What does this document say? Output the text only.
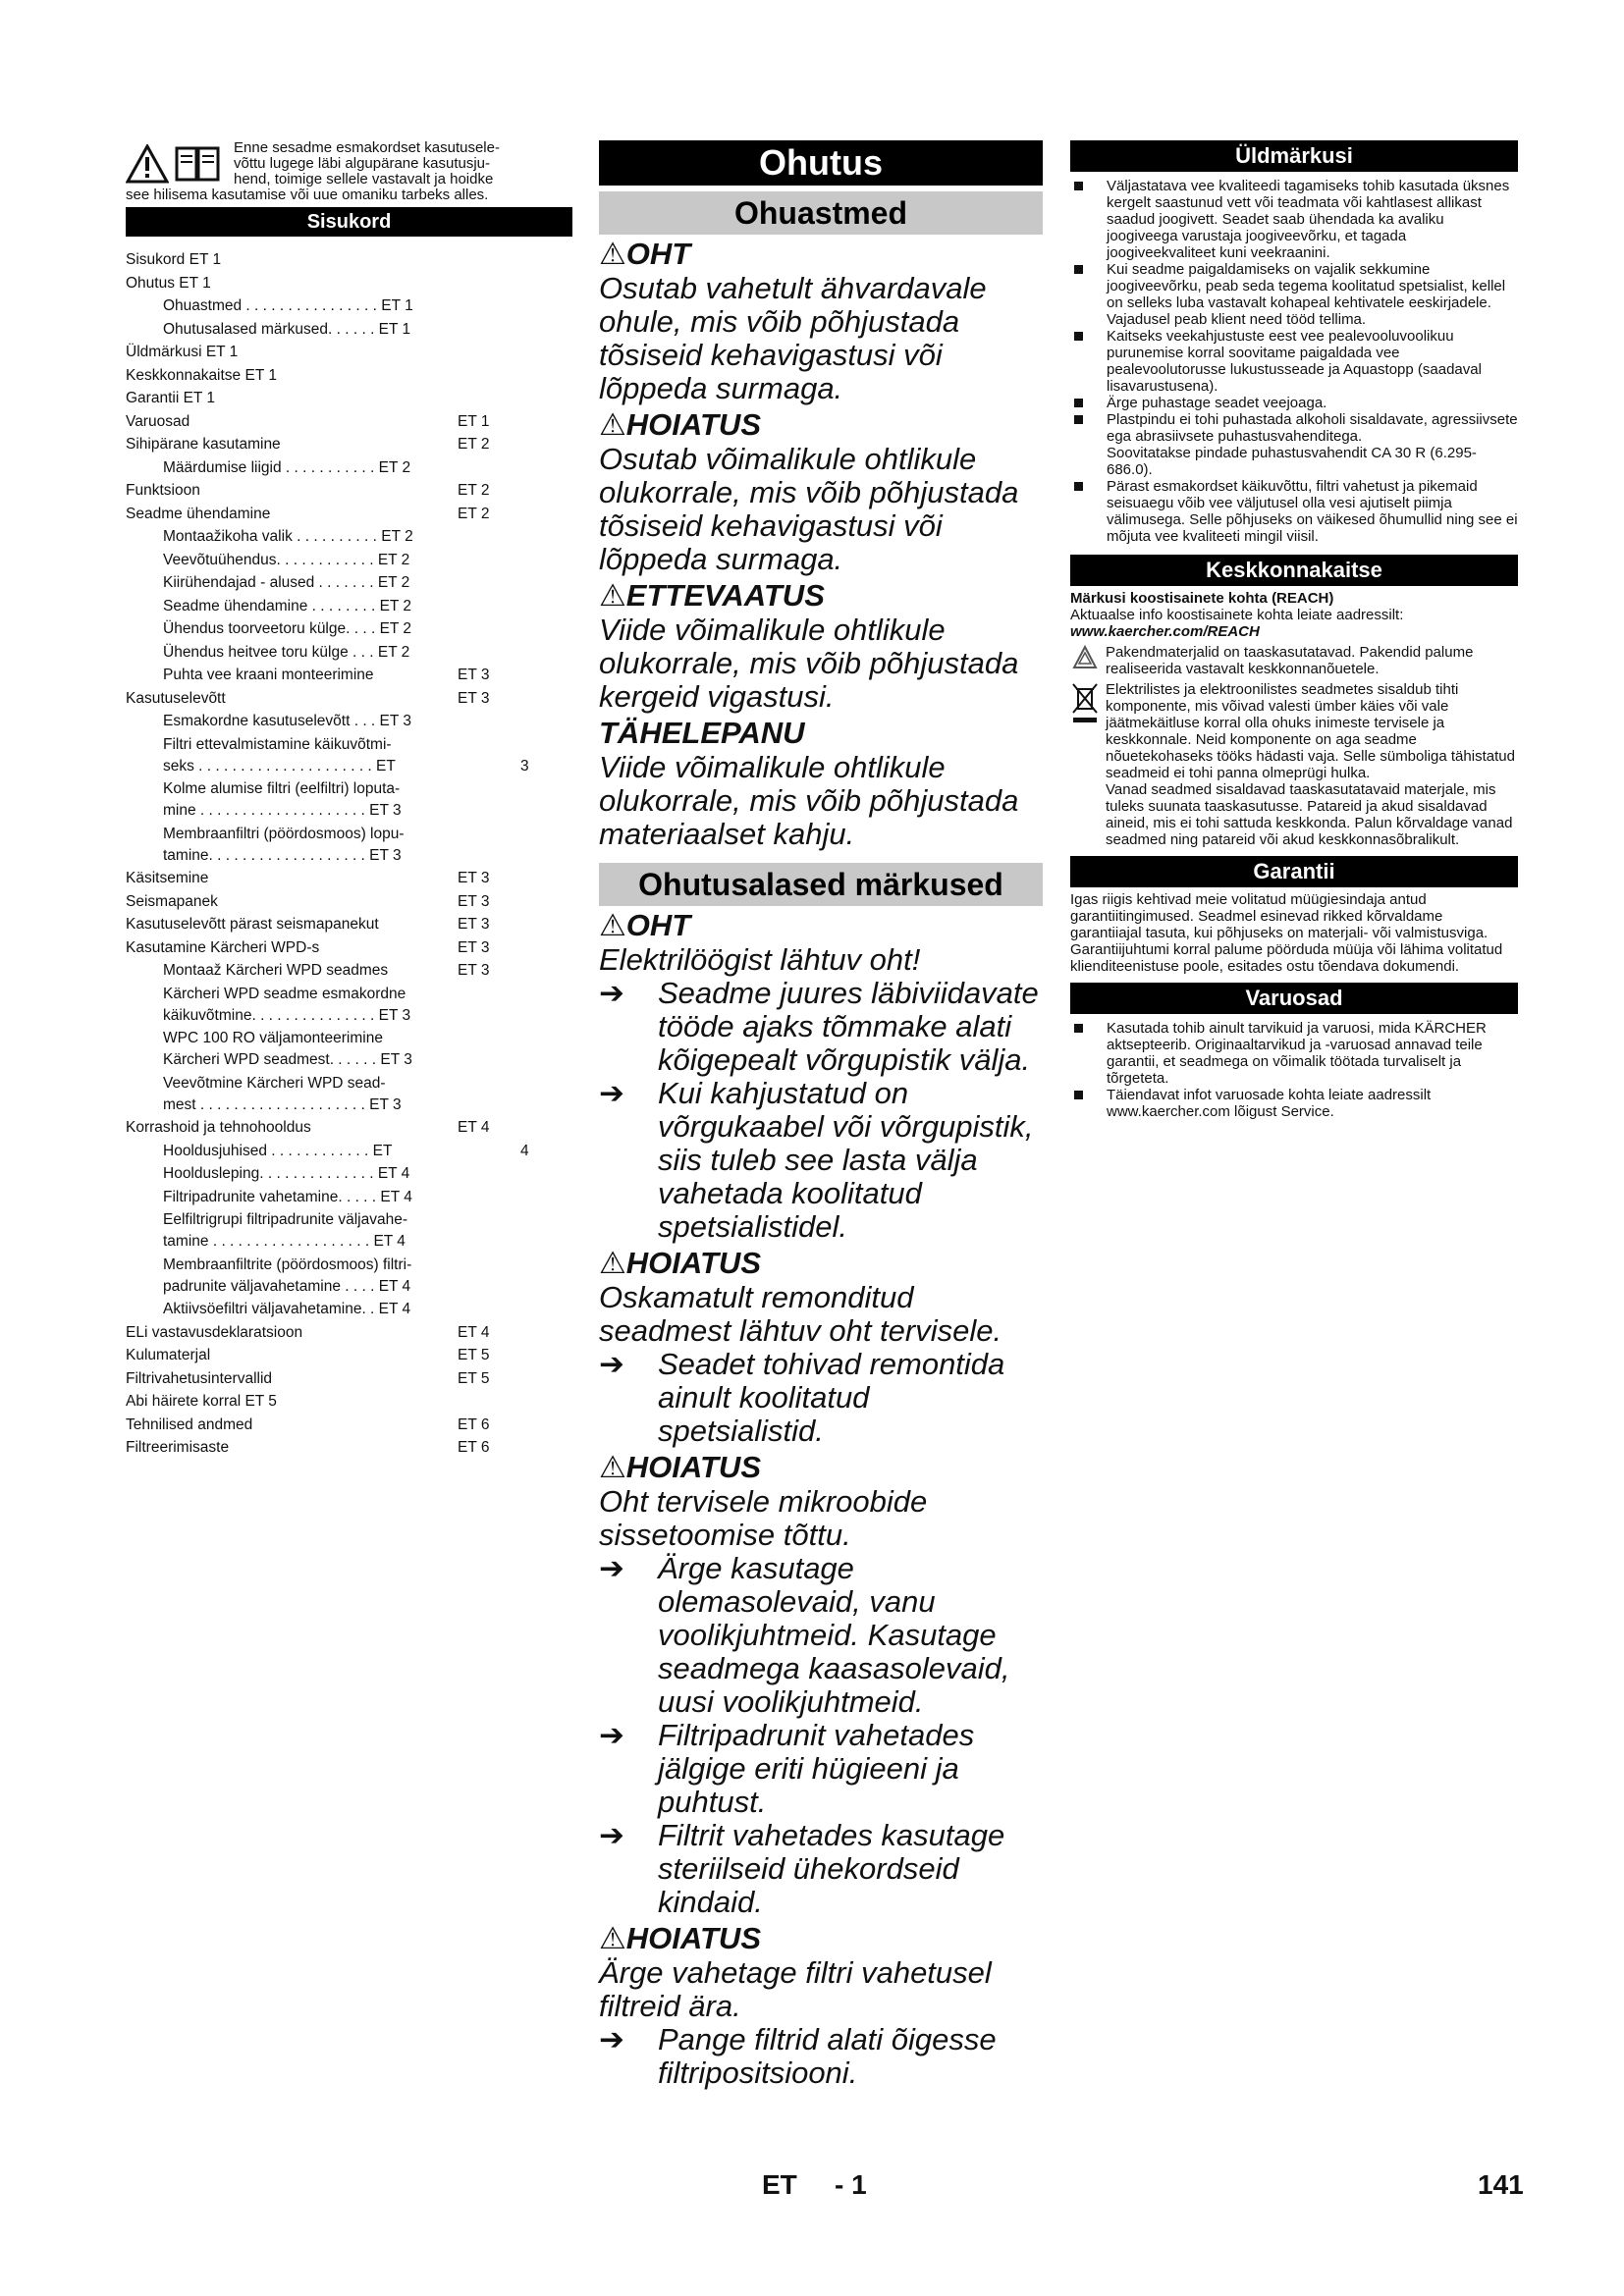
Enne sesadme esmakordset kasutusele-
võttu lugege läbi algupärane kasutusju-
hend, toimige sellele vastavalt ja hoidke
see hilisema kasutamise või uue omaniku tarbeks alles.
Sisukord
Sisukord ET 1
Ohutus ET 1
Ohuastmed . . . . . . . . . . . . . . . . ET 1
Ohutusalased märkused. . . . . . ET 1
Üldmärkusi ET 1
Keskkonnakaitse ET 1
Garantii ET 1
Varuosad	ET 1
Sihipärane kasutamine	ET 2
Määrdumise liigid . . . . . . . . . . . ET 2
Funktsioon	ET 2
Seadme ühendamine	ET 2
Montaažikoha valik . . . . . . . . . . ET 2
Veevõtuühendus. . . . . . . . . . . . ET 2
Kiirühendajad - alused . . . . . . . ET 2
Seadme ühendamine . . . . . . . . ET 2
Ühendus toorveetoru külge. . . . ET 2
Ühendus heitvee toru külge . . . ET 2
Puhta vee kraani monteerimine	ET 3
Kasutuselevõtt	ET 3
Esmakordne kasutuselevõtt . . . ET 3
Filtri ettevalmistamine käikuvõtmi-
seks . . . . . . . . . . . . . . . . . . . . . ET	3
Kolme alumise filtri (eelfiltri) loputa-
mine . . . . . . . . . . . . . . . . . . . . ET 3
Membraanfiltri (pöördosmoos) lopu-
tamine. . . . . . . . . . . . . . . . . . . ET 3
Käsitsemine	ET 3
Seismapanek	ET 3
Kasutuselevõtt pärast seismapanekut	ET 3
Kasutamine Kärcheri WPD-s	ET 3
Montaaž Kärcheri WPD seadmes	ET 3
Kärcheri WPD seadme esmakordne
käikuvõtmine. . . . . . . . . . . . . . . ET 3
WPC 100 RO väljamonteerimine
Kärcheri WPD seadmest. . . . . . ET 3
Veevõtmine Kärcheri WPD sead-
mest . . . . . . . . . . . . . . . . . . . . ET 3
Korrashoid ja tehnohooldus	ET 4
Hooldusjuhised . . . . . . . . . . . . ET	4
Hooldusleping. . . . . . . . . . . . . . ET 4
Filtripadrunite vahetamine. . . . . ET 4
Eelfiltrigrupi filtripadrunite väljavahe-
tamine . . . . . . . . . . . . . . . . . . . ET 4
Membraanfiltrite (pöördosmoos) filtri-
padrunite väljavahetamine . . . . ET 4
Aktiivsöefiltri väljavahetamine. . ET 4
ELi vastavusdeklaratsioon	ET 4
Kulumaterjal	ET 5
Filtrivahetusintervallid	ET 5
Abi häirete korral ET 5
Tehnilised andmed	ET 6
Filtreerimisaste	ET 6
Ohutus
Ohuastmed
⚠OHT
Osutab vahetult ähvardavale ohule, mis võib põhjustada tõsiseid kehavigastusi või lõppeda surmaga.
⚠HOIATUS
Osutab võimalikule ohtlikule olukorrale, mis võib põhjustada tõsiseid kehavigastusi või lõppeda surmaga.
⚠ETTEVAATUS
Viide võimalikule ohtlikule olukorrale, mis võib põhjustada kergeid vigastusi.
TÄHELEPANU
Viide võimalikule ohtlikule olukorrale, mis võib põhjustada materiaalset kahju.
Ohutusalased märkused
⚠OHT
Elektrilöögist lähtuv oht!
➔	Seadme juures läbiviidavate tööde ajaks tõmmake alati kõigepealt võrgupistik välja.
➔	Kui kahjustatud on võrgukaabel või võrgupistik, siis tuleb see lasta välja vahetada koolitatud spetsialistidel.
⚠HOIATUS
Oskamatult remonditud seadmest lähtuv oht tervisele.
➔	Seadet tohivad remontida ainult koolitatud spetsialistid.
⚠HOIATUS
Oht tervisele mikroobide sissetoomise tõttu.
➔	Ärge kasutage olemasolevaid, vanu voolikjuhtmeid. Kasutage seadmega kaasasolevaid, uusi voolikjuhtmeid.
➔	Filtripadrunit vahetades jälgige eriti hügieeni ja puhtust.
➔	Filtrit vahetades kasutage steriilseid ühekordseid kindaid.
⚠HOIATUS
Ärge vahetage filtri vahetusel filtreid ära.
➔	Pange filtrid alati õigesse filtripositsiooni.
Üldmärkusi
Väljastatava vee kvaliteedi tagamiseks tohib kasutada üksnes kergelt saastunud vett või teadmata või kahtlasest allikast saadud joogivett. Seadet saab ühendada ka avaliku joogiveega varustaja joogiveevõrku, et tagada joogiveekvaliteet kuni veekraanini.
Kui seadme paigaldamiseks on vajalik sekkumine joogiveevõrku, peab seda tegema koolitatud spetsialist, kellel on selleks luba vastavalt kohapeal kehtivatele eeskirjadele. Vajadusel peab klient need tööd tellima.
Kaitseks veekahjustuste eest vee pealevooluvoolikuu purunemise korral soovitame paigaldada vee pealevoolutorusse lukustusseade ja Aquastopp (saadaval lisavarustusena).
Ärge puhastage seadet veejoaga.
Plastpindu ei tohi puhastada alkoholi sisaldavate, agressiivsete ega abrasiivsete puhastusvahenditega.
Soovitatakse pindade puhastusvahendit CA 30 R (6.295-686.0).
Pärast esmakordset käikuvõttu, filtri vahetust ja pikemaid seisuaegu võib vee väljutusel olla vesi ajutiselt piimja välimusega. Selle põhjuseks on väikesed õhumullid ning see ei mõjuta vee kvaliteeti mingil viisil.
Keskkonnakaitse
Märkusi koostisainete kohta (REACH)
Aktuaalse info koostisainete kohta leiate aadressilt:
www.kaercher.com/REACH
Pakendmaterjalid on taaskasutatavad. Pakendid palume realiseerida vastavalt keskkonnanõuetele.
Elektrilistes ja elektroonilistes seadmetes sisaldub tihti komponente, mis võivad valesti ümber käies või vale jäätmekäitluse korral olla ohuks inimeste tervisele ja keskkonnale. Neid komponente on aga seadme nõuetekohaseks tööks hädasti vaja. Selle sümboliga tähistatud seadmeid ei tohi panna olmeprügi hulka.
Vanad seadmed sisaldavad taaskasutatavaid materjale, mis tuleks suunata taaskasutusse. Patareid ja akud sisaldavad aineid, mis ei tohi sattuda keskkonda. Palun kõrvaldage vanad seadmed ning patareid või akud keskkonnasõbralikult.
Garantii
Igas riigis kehtivad meie volitatud müügiesindaja antud garantiitingimused. Seadmel esinevad rikked kõrvaldame garantiiajal tasuta, kui põhjuseks on materjali- või valmistusviga. Garantiijuhtumi korral palume pöörduda müüja või lähima volitatud klienditeenistuse poole, esitades ostu tõendava dokumendi.
Varuosad
Kasutada tohib ainult tarvikuid ja varuosi, mida KÄRCHER aktsepteerib. Originaaltarvikud ja -varuosad annavad teile garantii, et seadmega on võimalik töötada turvaliselt ja tõrgeteta.
Täiendavat infot varuosade kohta leiate aadressilt www.kaercher.com lõigust Service.
ET - 1	141
